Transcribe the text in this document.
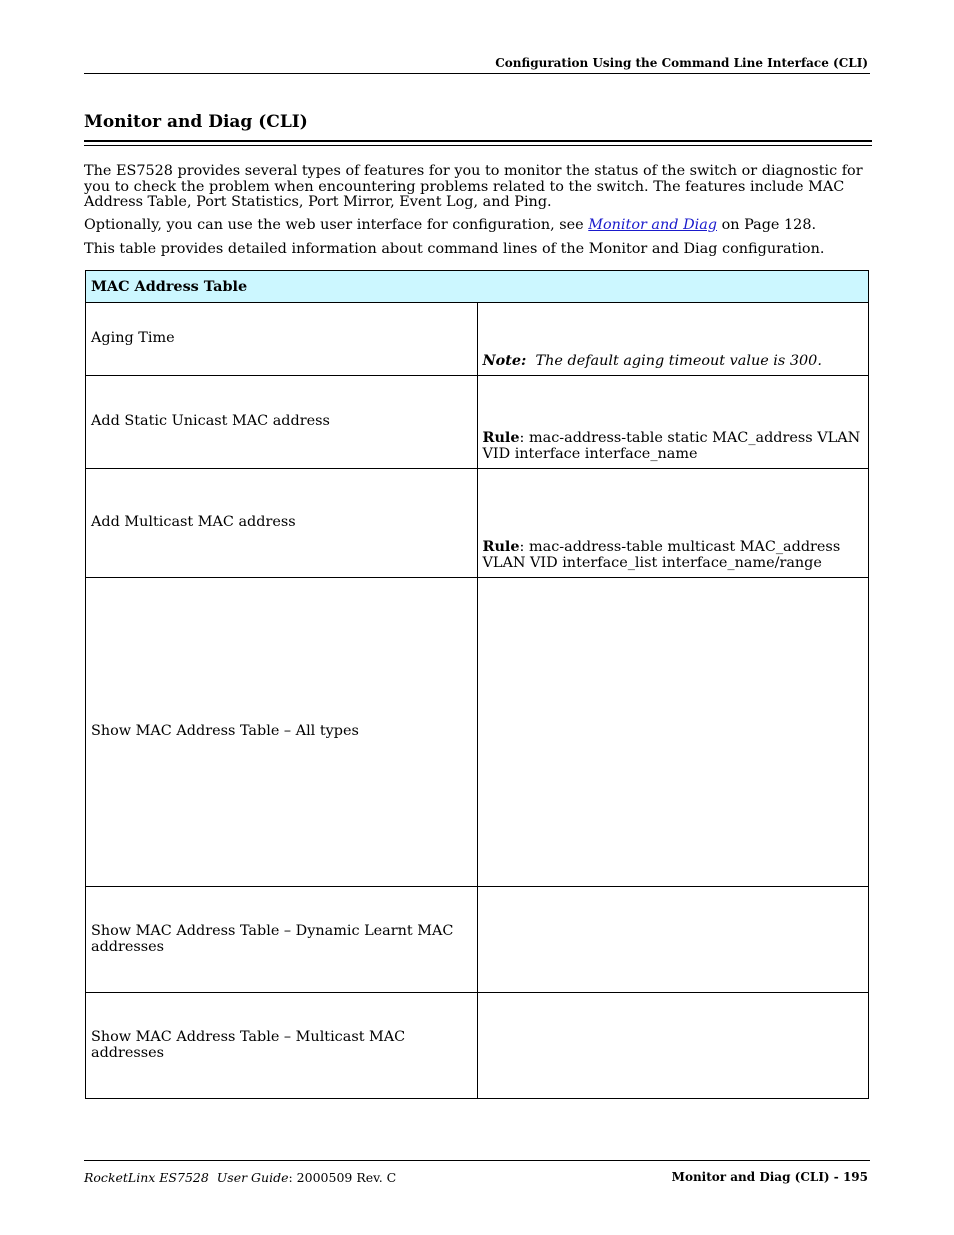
Configuration Using the Command Line Interface (CLI)
Monitor and Diag (CLI)

The ES7528 provides several types of features for you to monitor the status of the switch or diagnostic for you to check the problem when encountering problems related to the switch. The features include MAC Address Table, Port Statistics, Port Mirror, Event Log, and Ping.

Optionally, you can use the web user interface for configuration, see Monitor and Diag on Page 128.

This table provides detailed information about command lines of the Monitor and Diag configuration.

MAC Address Table	
Aging Time	Note:  The default aging timeout value is 300.
Add Static Unicast MAC address	Rule: mac-address-table static MAC_address VLAN VID interface interface_name
Add Multicast MAC address	Rule: mac-address-table multicast MAC_address VLAN VID interface_list interface_name/range
Show MAC Address Table – All types	
Show MAC Address Table – Dynamic Learnt MAC addresses	
Show MAC Address Table – Multicast MAC addresses	
RocketLinx ES7528  User Guide: 2000509 Rev. C	Monitor and Diag (CLI) - 195
